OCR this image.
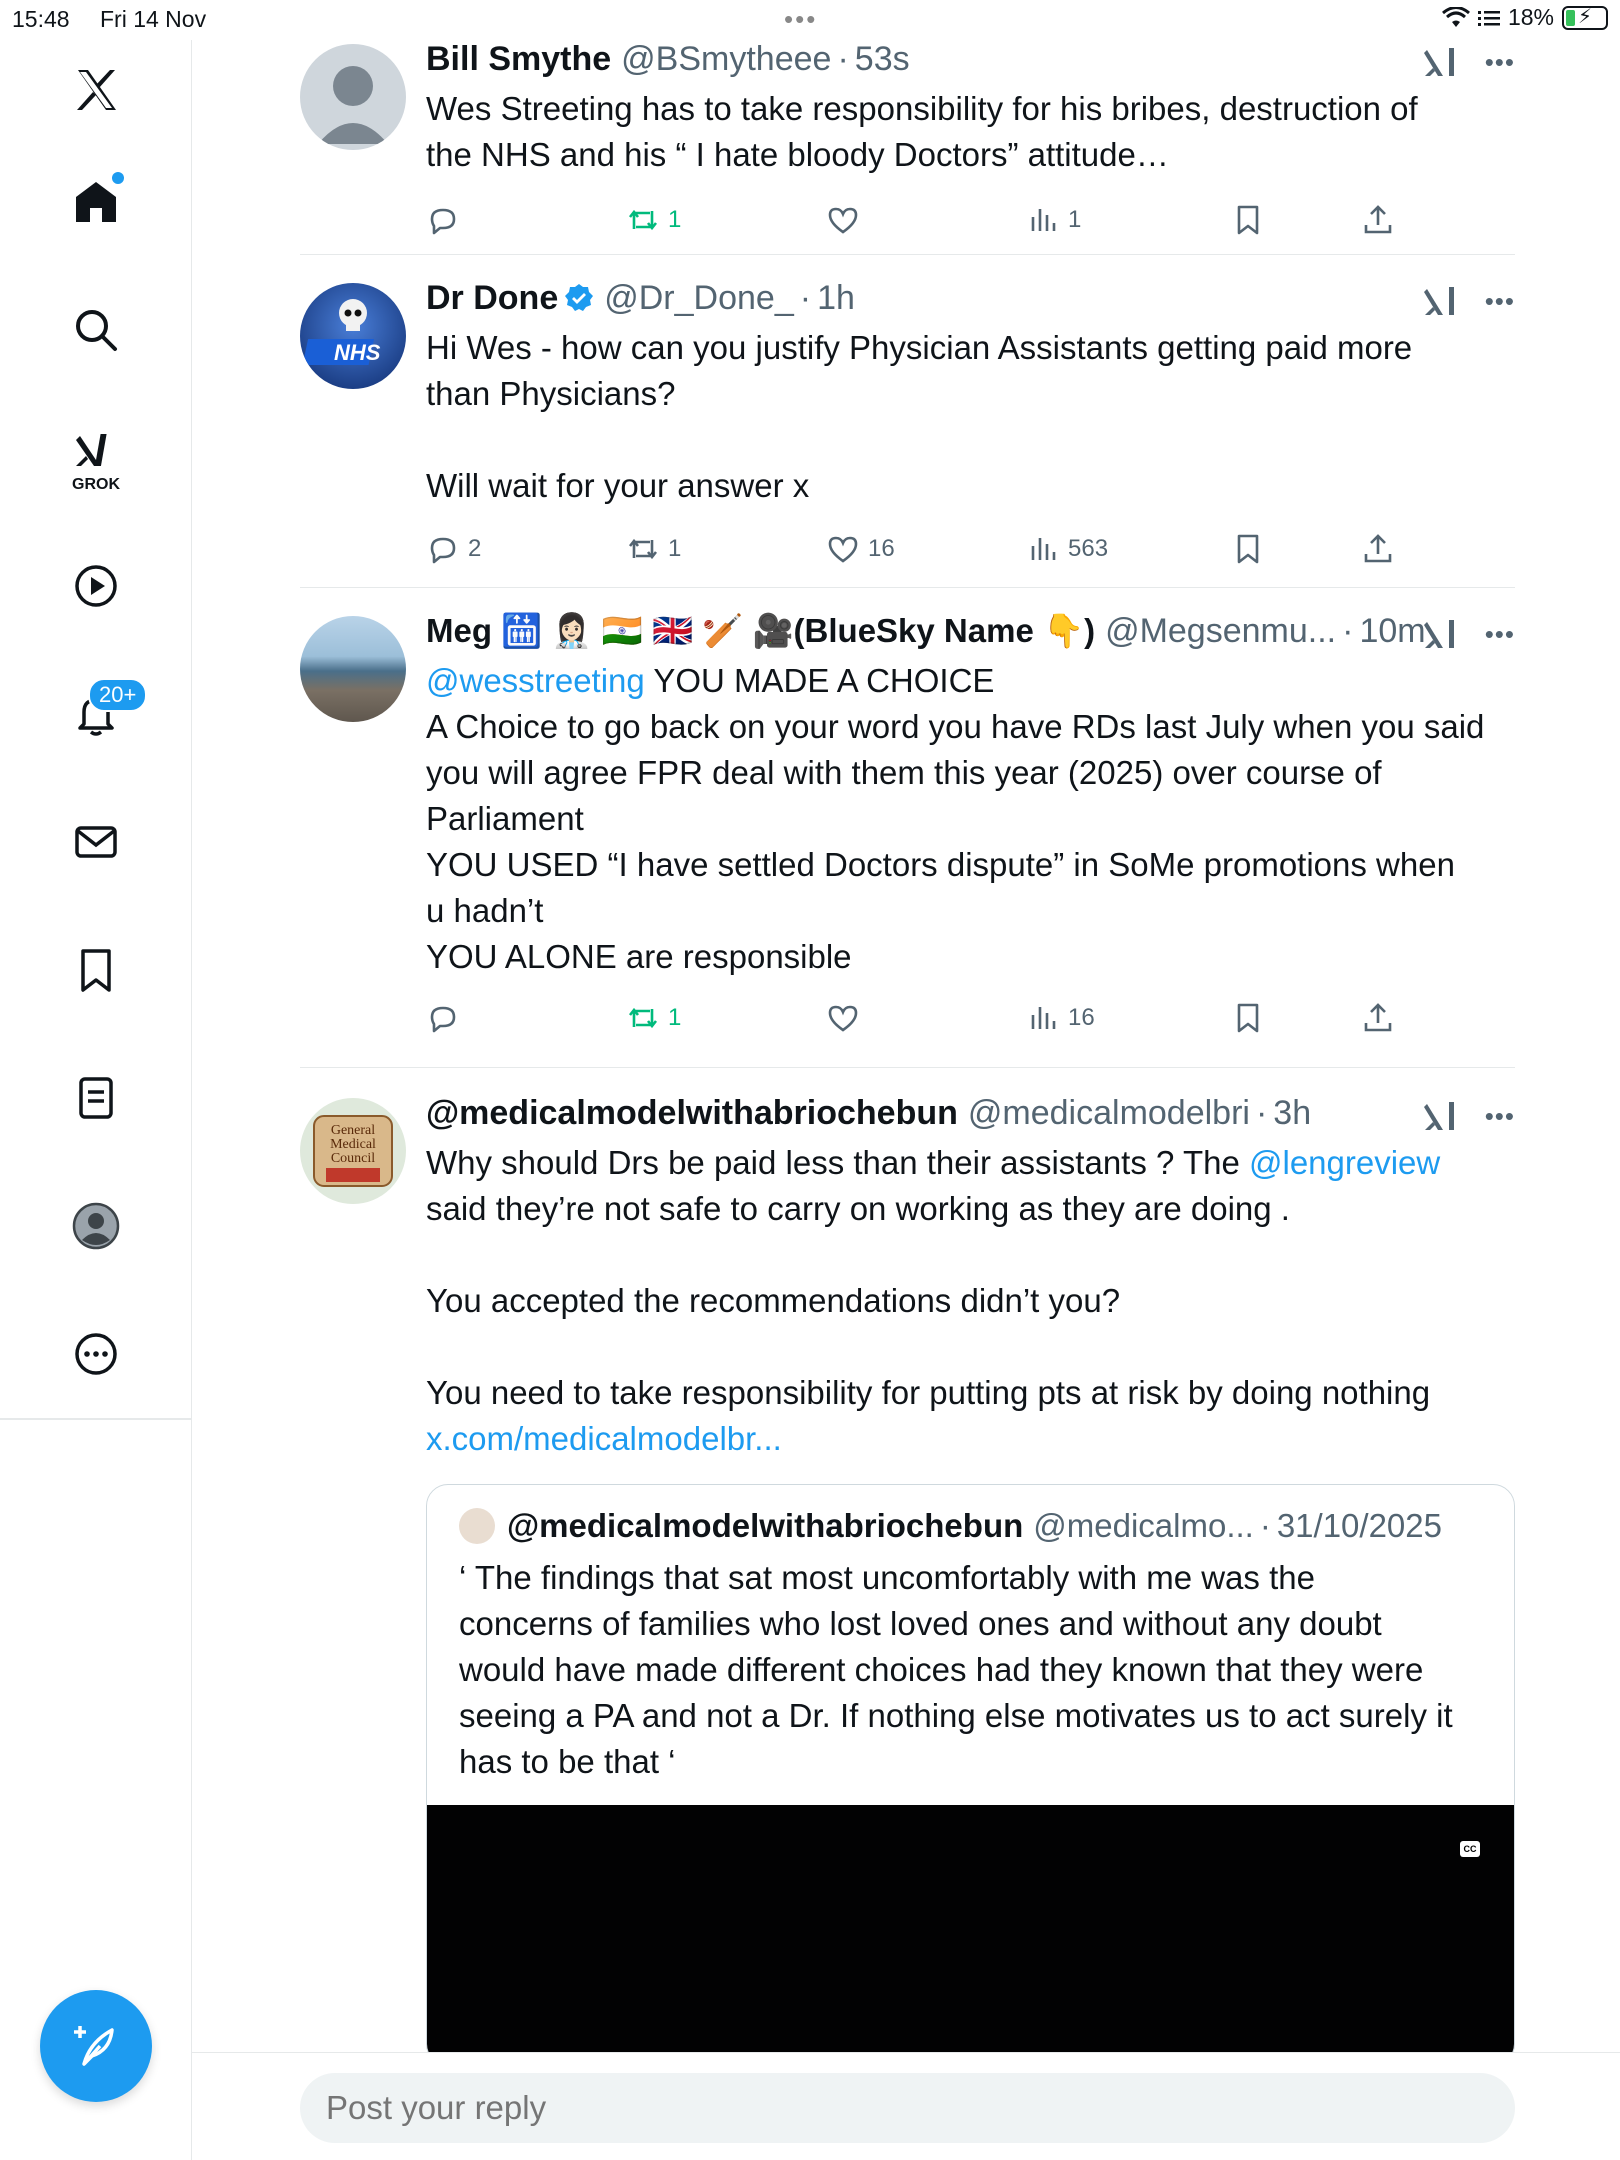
15:48 Fri 14 Nov	•••	18% ⚡
GROK
20+
Bill Smythe @BSmytheee · 53s	•••
Wes Streeting has to take responsibility for his bribes, destruction of
the NHS and his “ I hate bloody Doctors” attitude…
1	1
NHS
Dr Done @Dr_Done_ · 1h	•••
Hi Wes - how can you justify Physician Assistants getting paid more
than Physicians?
Will wait for your answer x
2	1	16	563
Meg 🛗 👩🏻‍⚕️ 🇮🇳 🇬🇧 🏏 🎥(BlueSky Name 👇) @Megsenmu... · 10m •••
@wesstreeting YOU MADE A CHOICE
A Choice to go back on your word you have RDs last July when you said
you will agree FPR deal with them this year (2025) over course of
Parliament
YOU USED “I have settled Doctors dispute” in SoMe promotions when
u hadn’t
YOU ALONE are responsible
1	16
General
Medical
Council
@medicalmodelwithabriochebun @medicalmodelbri · 3h	•••
Why should Drs be paid less than their assistants ? The @lengreview
said they’re not safe to carry on working as they are doing .
You accepted the recommendations didn’t you?
You need to take responsibility for putting pts at risk by doing nothing
x.com/medicalmodelbr...
@medicalmodelwithabriochebun @medicalmo... · 31/10/2025
‘ The findings that sat most uncomfortably with me was the
concerns of families who lost loved ones and without any doubt
would have made different choices had they known that they were
seeing a PA and not a Dr. If nothing else motivates us to act surely it
has to be that ‘
CC
Post your reply
